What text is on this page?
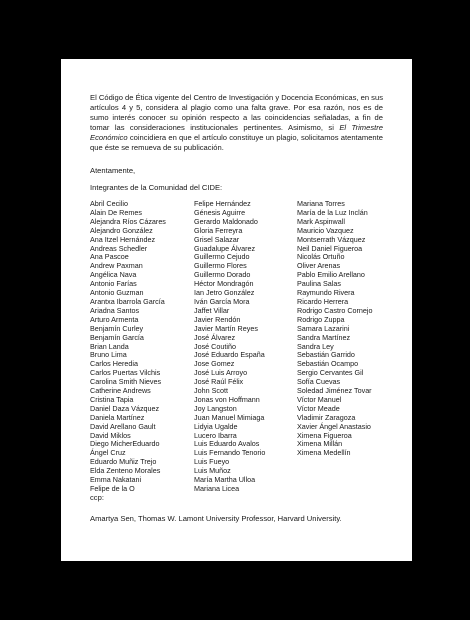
El Código de Ética vigente del Centro de Investigación y Docencia Económicas, en sus artículos 4 y 5, considera al plagio como una falta grave. Por esa razón, nos es de sumo interés conocer su opinión respecto a las coincidencias señaladas, a fin de tomar las consideraciones institucionales pertinentes. Asimismo, si El Trimestre Económico coincidiera en que el artículo constituye un plagio, solicitamos atentamente que éste se remueva de su publicación.

Atentamente,

Integrantes de la Comunidad del CIDE:

Abril Cecilio
Alain De Remes
Alejandra Ríos Cázares
Alejandro González
Ana Itzel Hernández
Andreas Schedler
Ana Pascoe
Andrew Paxman
Angélica Nava
Antonio Farías
Antonio Guzman
Arantxa Ibarrola García
Ariadna Santos
Arturo Armenta
Benjamín Curley
Benjamín García
Brian Landa
Bruno Lima
Carlos Heredia
Carlos Puertas Vilchis
Carolina Smith Nieves
Catherine Andrews
Cristina Tapia
Daniel Daza Vázquez
Daniela Martínez
David Arellano Gault
David Miklos
Diego MicherEduardo
Ángel Cruz
Eduardo Muñiz Trejo
Elda Zenteno Morales
Emma Nakatani
Felipe de la O
Felipe Hernández
Génesis Aguirre
Gerardo Maldonado
Gloria Ferreyra
Grisel Salazar
Guadalupe Álvarez
Guillermo Cejudo
Guillermo Flores
Guillermo Dorado
Héctor Mondragón
Ian Jetro González
Iván García Mora
Jaffet Villar
Javier Rendón
Javier Martín Reyes
José Álvarez
José Coutiño
José Eduardo España
Jose Gomez
José Luis Arroyo
José Raúl Félix
John Scott
Jonas von Hoffmann
Joy Langston
Juan Manuel Mimiaga
Lidyia Ugalde
Lucero Ibarra
Luis Eduardo Avalos
Luis Fernando Tenorio
Luis Fueyo
Luis Muñoz
María Martha Ulloa
Mariana Licea
Mariana Torres
María de la Luz Inclán
Mark Aspinwall
Mauricio Vazquez
Montserrath Vázquez
Neil Daniel Figueroa
Nicolás Ortuño
Oliver Arenas
Pablo Emilio Arellano
Paulina Salas
Raymundo Rivera
Ricardo Herrera
Rodrigo Castro Cornejo
Rodrigo Zuppa
Samara Lazarini
Sandra Martínez
Sandra Ley
Sebastián Garrido
Sebastián Ocampo
Sergio Cervantes Gil
Sofía Cuevas
Soledad Jiménez Tovar
Víctor Manuel
Víctor Meade
Vladimir Zaragoza
Xavier Ángel Anastasio
Ximena Figueroa
Ximena Millán
Ximena Medellín

ccp:

Amartya Sen, Thomas W. Lamont University Professor, Harvard University.
